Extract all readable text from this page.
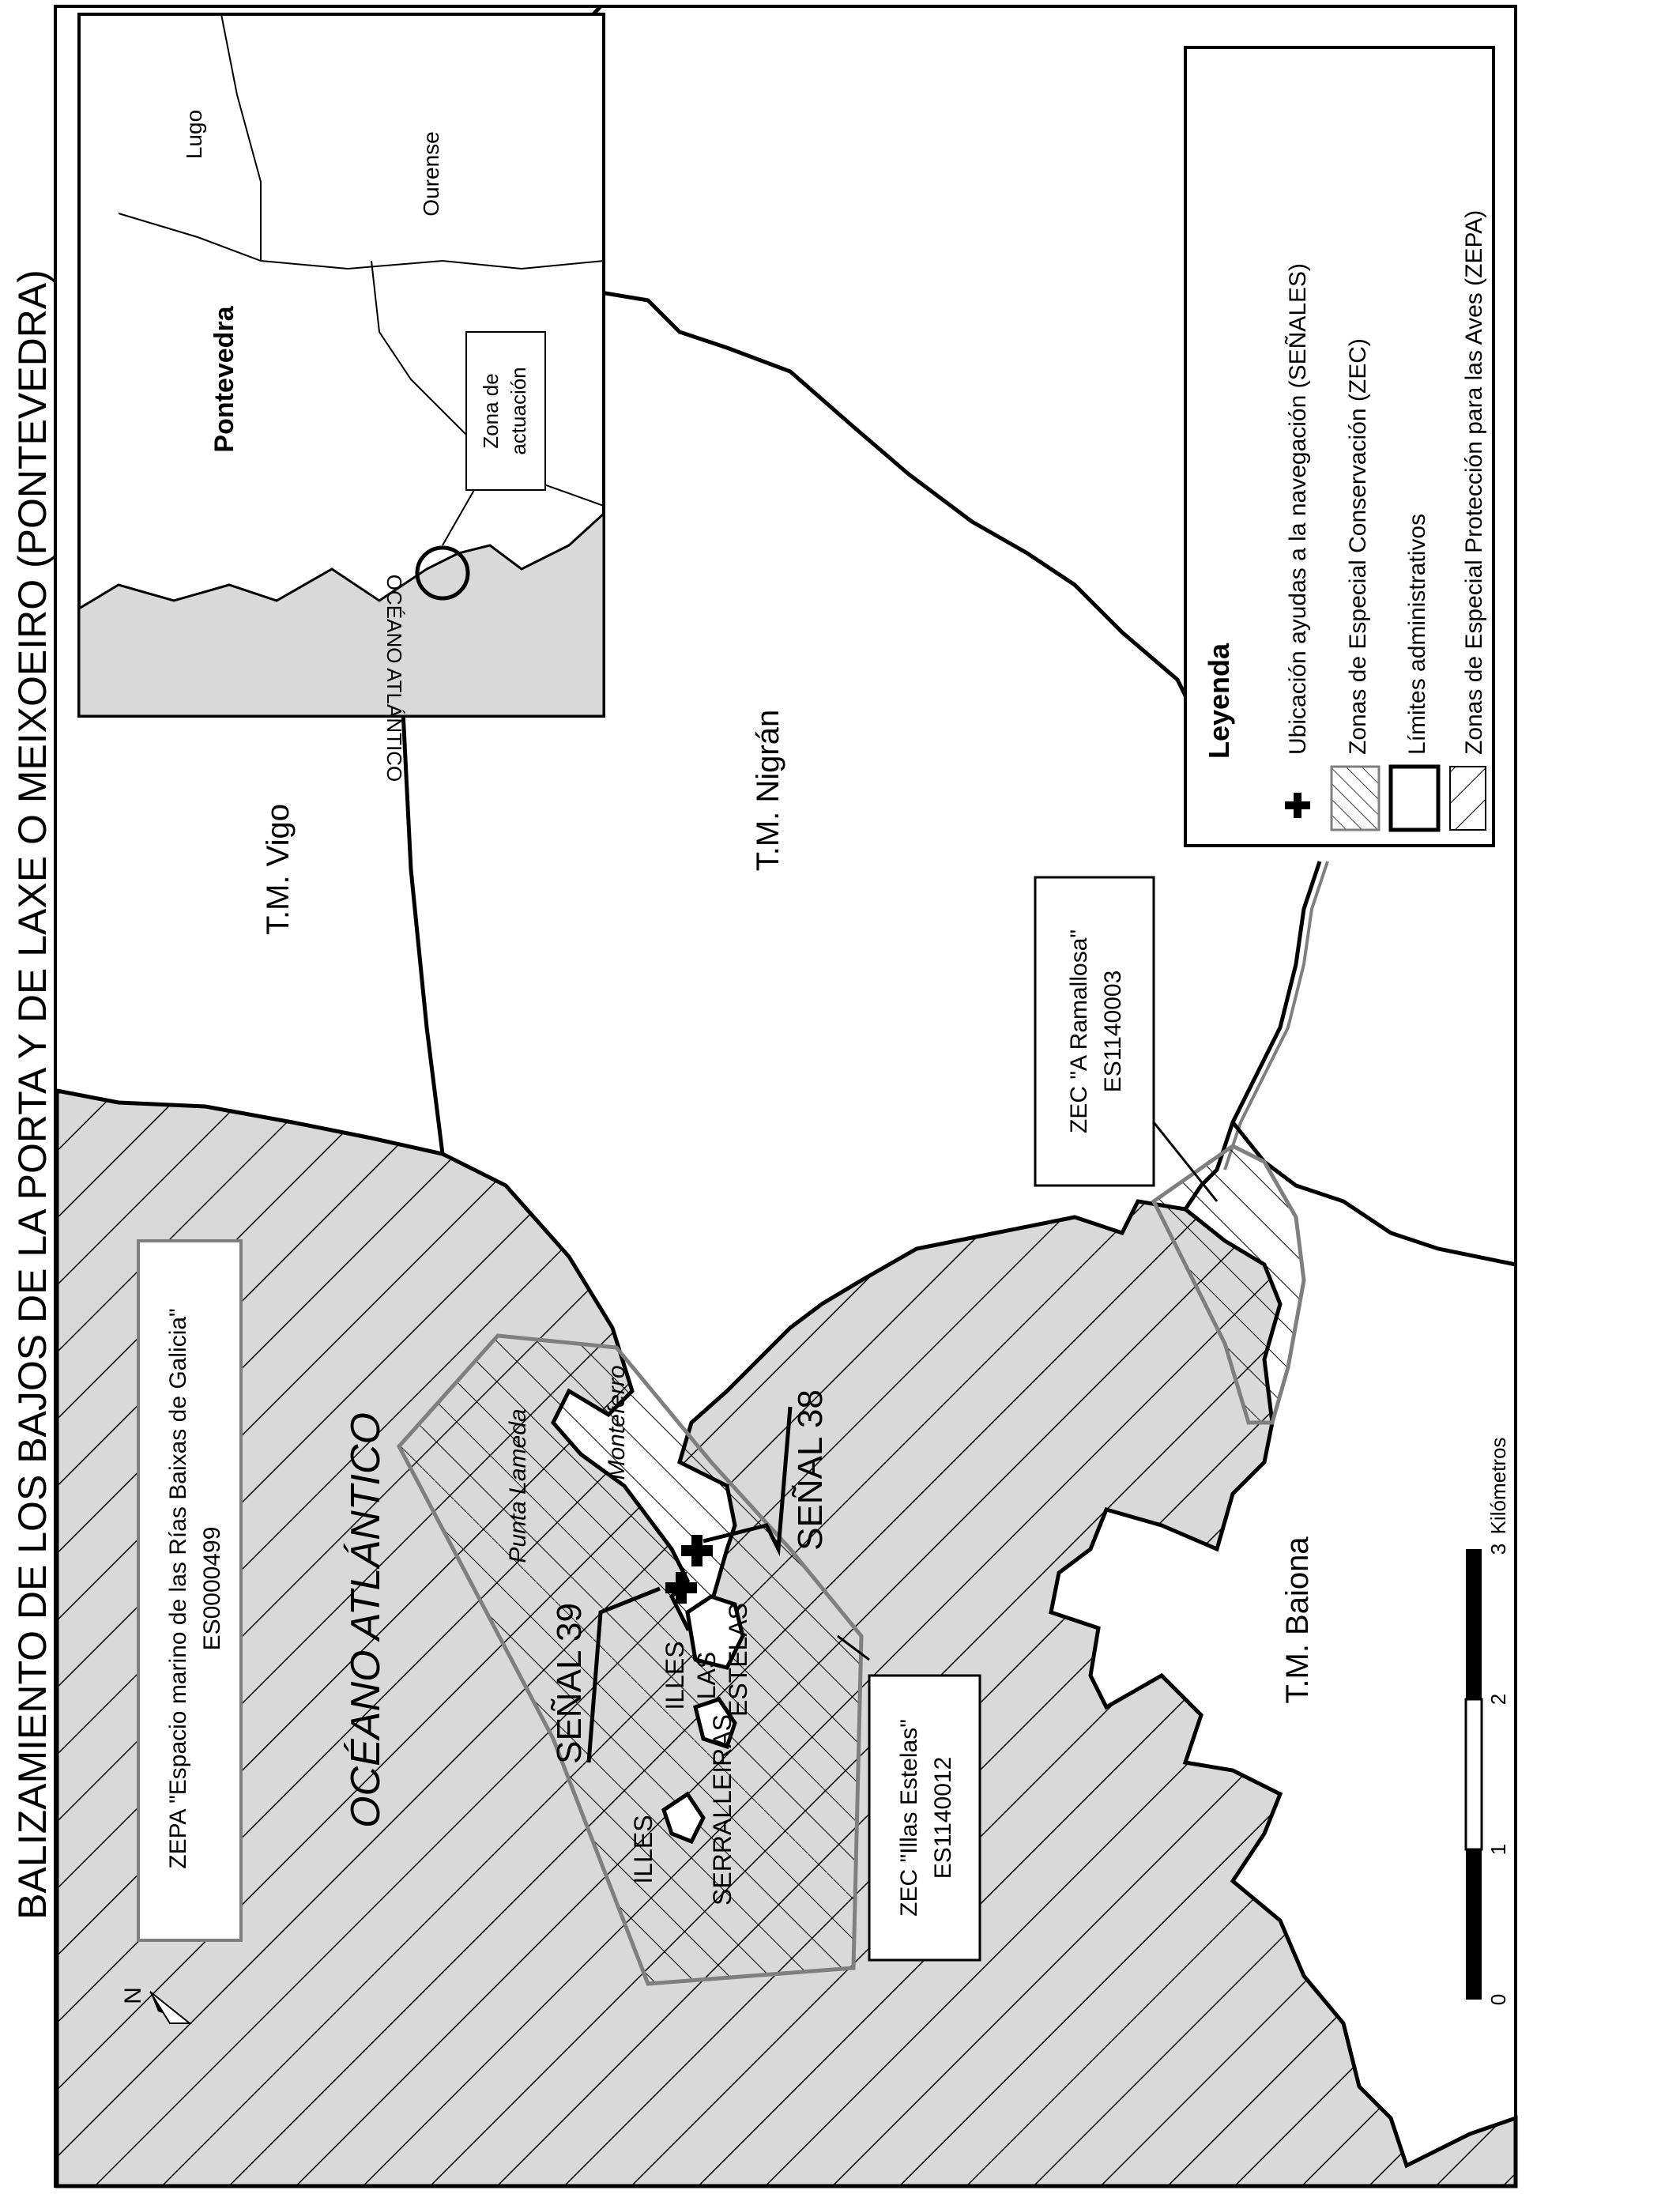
BALIZAMIENTO DE LOS BAJOS DE LA PORTA Y DE LAXE O MEIXOEIRO (PONTEVEDRA)	OCÉANO ATLÁNTICO
T.M. Vigo	T.M. Nigrán
T.M. Baiona
Punta Lameda	Monteferro
ILLES SERRALLEIRAS
ILLES LAS ESTELAS
SEÑAL 38
SEÑAL 39
ZEPA "Espacio marino de las Rías Baixas de Galicia" ES0000499
ZEC "Illas Estelas" ES1140012
ZEC "A Ramallosa" ES1140003
Lugo	Ourense
Pontevedra	Zona de actuación
OCÉANO ATLÁNTICO	Leyenda Ubicación ayudas a la navegación (SEÑALES) Zonas de Especial Conservación (ZEC) Límites administrativos Zonas de Especial Protección para las Aves (ZEPA)
0
1
2
3
Kilómetros
N
